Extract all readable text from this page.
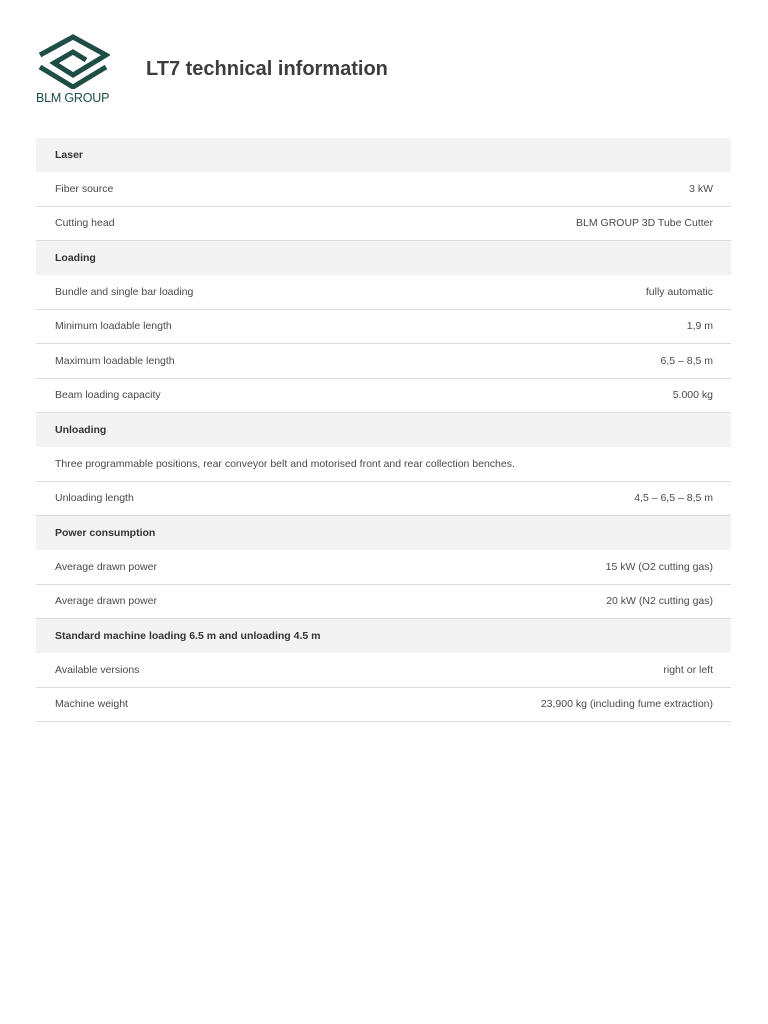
BLM GROUP
LT7 technical information
Laser
Fiber source	3 kW
Cutting head	BLM GROUP 3D Tube Cutter
Loading
Bundle and single bar loading	fully automatic
Minimum loadable length	1,9 m
Maximum loadable length	6,5 – 8,5 m
Beam loading capacity	5.000 kg
Unloading
Three programmable positions, rear conveyor belt and motorised front and rear collection benches.
Unloading length	4,5 – 6,5 – 8,5 m
Power consumption
Average drawn power	15 kW (O2 cutting gas)
Average drawn power	20 kW (N2 cutting gas)
Standard machine loading 6.5 m and unloading 4.5 m
Available versions	right or left
Machine weight	23,900 kg (including fume extraction)
